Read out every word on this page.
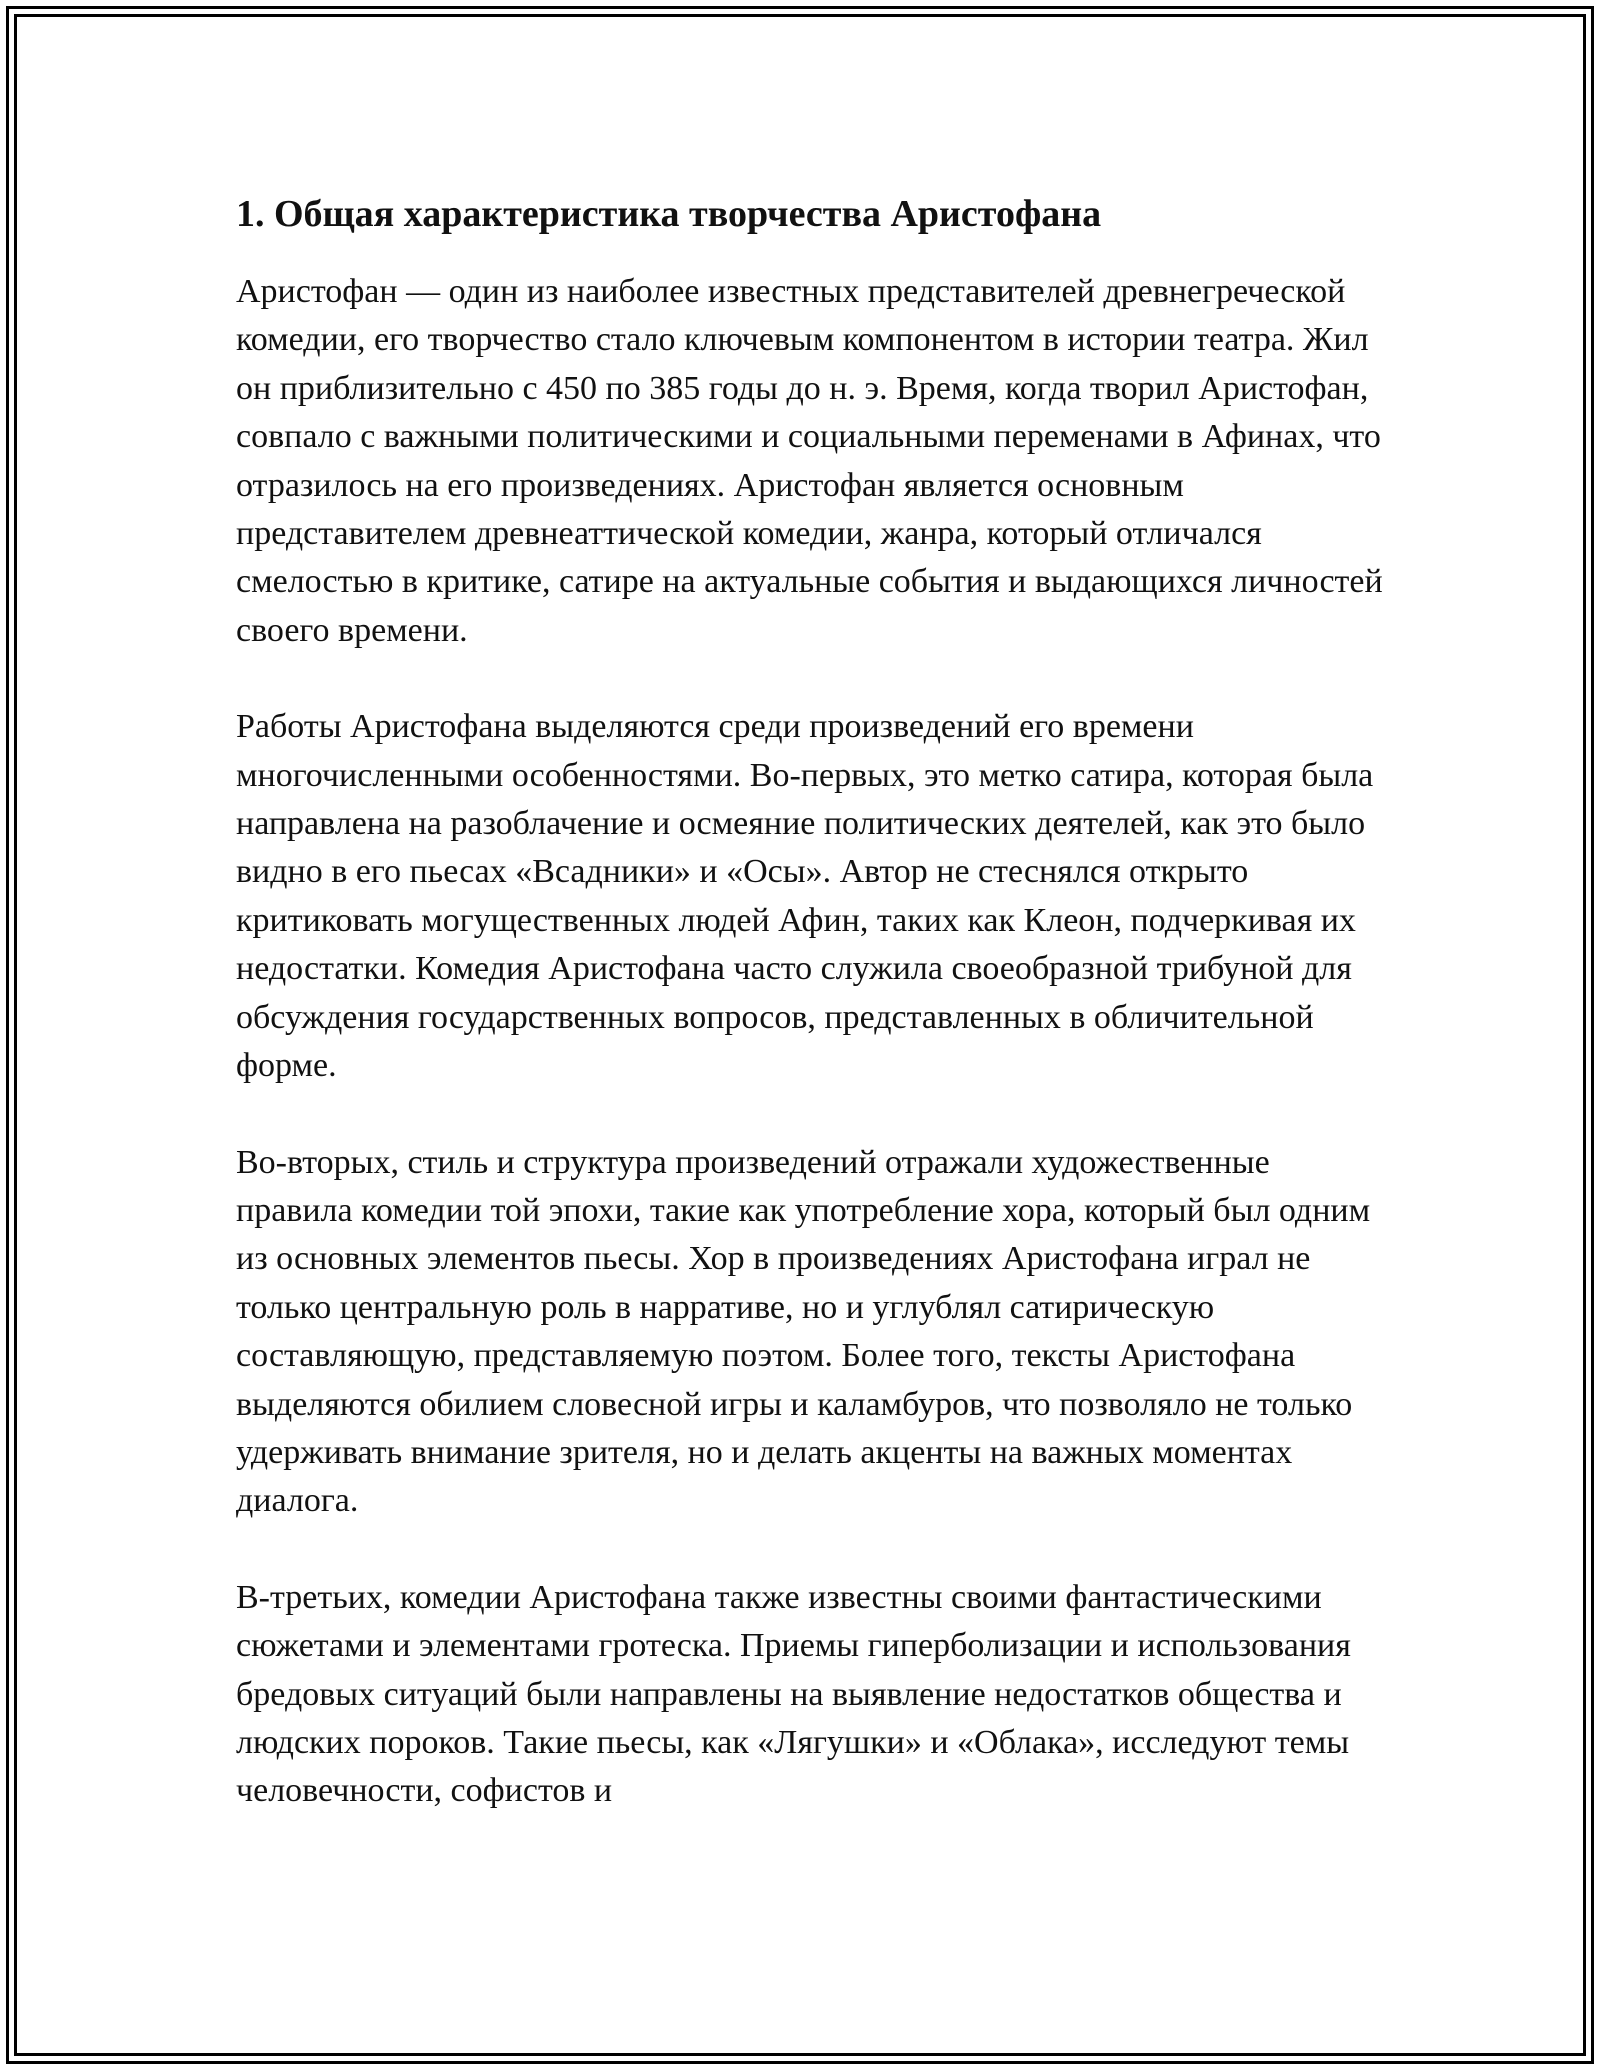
1. Общая характеристика творчества Аристофана

Аристофан — один из наиболее известных представителей древнегреческой комедии, его творчество стало ключевым компонентом в истории театра. Жил он приблизительно с 450 по 385 годы до н. э. Время, когда творил Аристофан, совпало с важными политическими и социальными переменами в Афинах, что отразилось на его произведениях. Аристофан является основным представителем древнеаттической комедии, жанра, который отличался смелостью в критике, сатире на актуальные события и выдающихся личностей своего времени.

Работы Аристофана выделяются среди произведений его времени многочисленными особенностями. Во-первых, это метко сатира, которая была направлена на разоблачение и осмеяние политических деятелей, как это было видно в его пьесах «Всадники» и «Осы». Автор не стеснялся открыто критиковать могущественных людей Афин, таких как Клеон, подчеркивая их недостатки. Комедия Аристофана часто служила своеобразной трибуной для обсуждения государственных вопросов, представленных в обличительной форме.

Во-вторых, стиль и структура произведений отражали художественные правила комедии той эпохи, такие как употребление хора, который был одним из основных элементов пьесы. Хор в произведениях Аристофана играл не только центральную роль в нарративе, но и углублял сатирическую составляющую, представляемую поэтом. Более того, тексты Аристофана выделяются обилием словесной игры и каламбуров, что позволяло не только удерживать внимание зрителя, но и делать акценты на важных моментах диалога.

В-третьих, комедии Аристофана также известны своими фантастическими сюжетами и элементами гротеска. Приемы гиперболизации и использования бредовых ситуаций были направлены на выявление недостатков общества и людских пороков. Такие пьесы, как «Лягушки» и «Облака», исследуют темы человечности, софистов и
